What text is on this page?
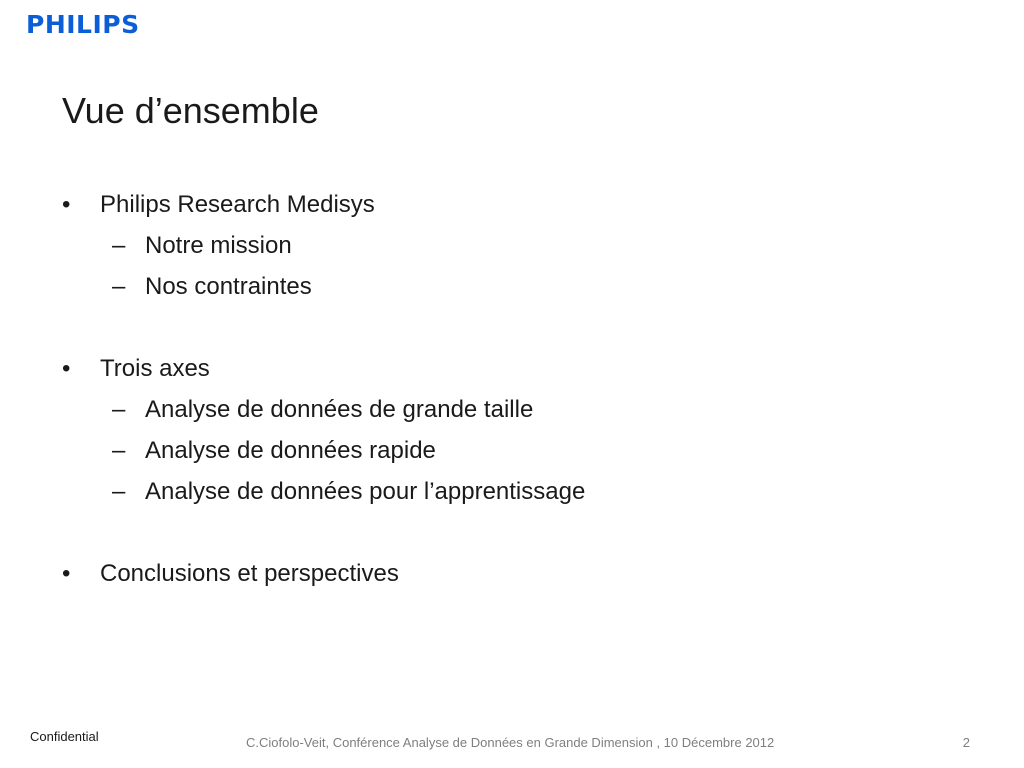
PHILIPS
Vue d’ensemble
•	Philips Research Medisys
– Notre mission
– Nos contraintes
•	Trois axes
– Analyse de données de grande taille
– Analyse de données rapide
– Analyse de données pour l’apprentissage
•	Conclusions et perspectives
Confidential	C.Ciofolo-Veit, Conférence Analyse de Données en Grande Dimension , 10 Décembre 2012	2
